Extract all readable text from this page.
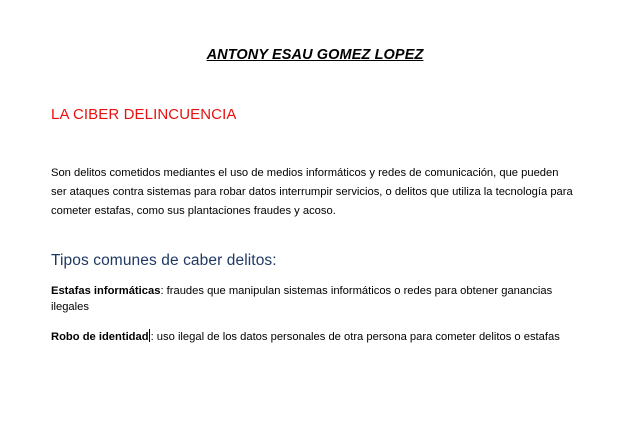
ANTONY ESAU GOMEZ LOPEZ
LA CIBER DELINCUENCIA
Son delitos cometidos mediantes el uso de medios informáticos y redes de comunicación, que pueden ser ataques contra sistemas para robar datos interrumpir servicios, o delitos que utiliza la tecnología para cometer estafas, como sus plantaciones fraudes y acoso.
Tipos comunes de caber delitos:
Estafas informáticas: fraudes que manipulan sistemas informáticos o redes para obtener ganancias ilegales
Robo de identidad : uso ilegal de los datos personales de otra persona para cometer delitos o estafas
